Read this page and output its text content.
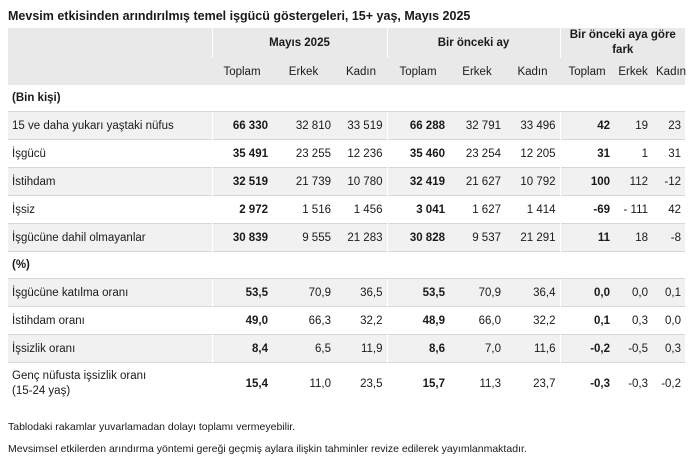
Mevsim etkisinden arındırılmış temel işgücü göstergeleri, 15+ yaş, Mayıs 2025
	Mayıs 2025			Bir önceki ay			Bir önceki aya göre fark		
	Toplam	Erkek	Kadın	Toplam	Erkek	Kadın	Toplam	Erkek	Kadın
(Bin kişi)									
15 ve daha yukarı yaştaki nüfus	66 330	32 810	33 519	66 288	32 791	33 496	42	19	23
İşgücü	35 491	23 255	12 236	35 460	23 254	12 205	31	1	31
İstihdam	32 519	21 739	10 780	32 419	21 627	10 792	100	112	-12
İşsiz	2 972	1 516	1 456	3 041	1 627	1 414	-69	- 111	42
İşgücüne dahil olmayanlar	30 839	9 555	21 283	30 828	9 537	21 291	11	18	-8
(%)									
İşgücüne katılma oranı	53,5	70,9	36,5	53,5	70,9	36,4	0,0	0,0	0,1
İstihdam oranı	49,0	66,3	32,2	48,9	66,0	32,2	0,1	0,3	0,0
İşsizlik oranı	8,4	6,5	11,9	8,6	7,0	11,6	-0,2	-0,5	0,3

Genç nüfusta işsizlik oranı
(15-24 yaş)	15,4	11,0	23,5	15,7	11,3	23,7	-0,3	-0,3	-0,2
Tablodaki rakamlar yuvarlamadan dolayı toplamı vermeyebilir.
Mevsimsel etkilerden arındırma yöntemi gereği geçmiş aylara ilişkin tahminler revize edilerek yayımlanmaktadır.
